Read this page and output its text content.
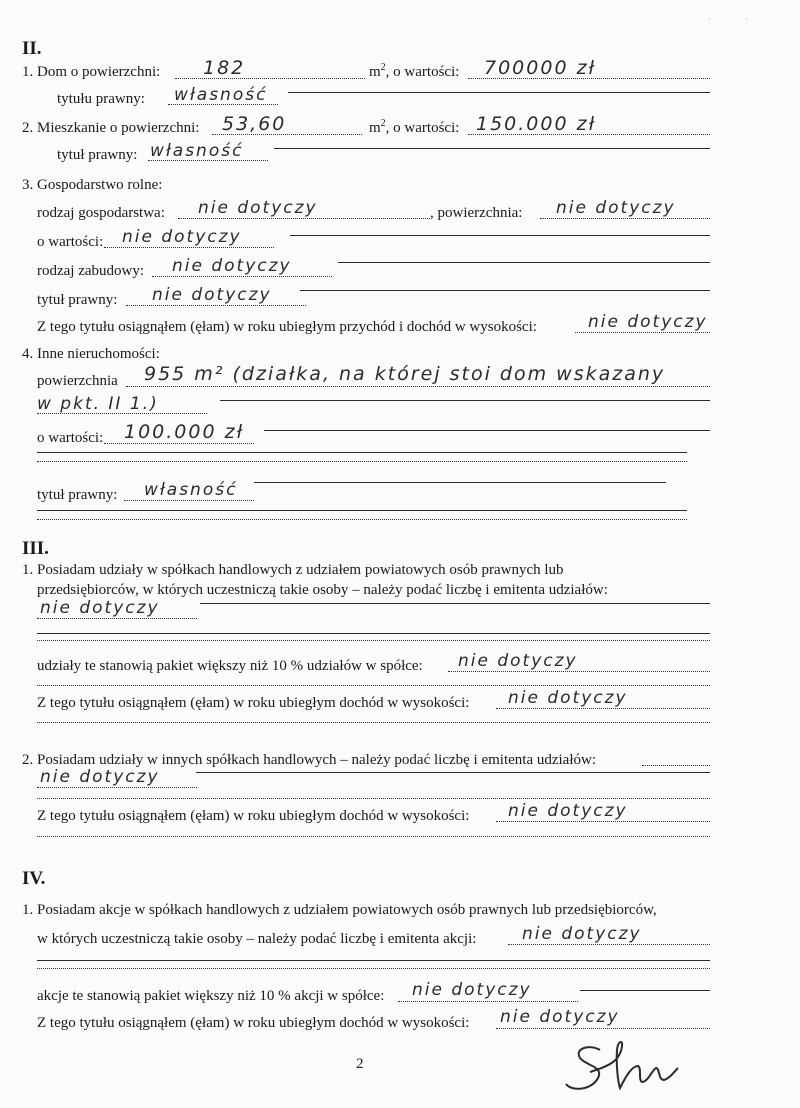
·	·
II.
1. Dom o powierzchni: 182	$m^2$, o wartości: 700000 zł
tytułu prawny: własność
2. Mieszkanie o powierzchni: 53,60	$m^2$, o wartości: 150.000 zł
tytuł prawny: własność
3. Gospodarstwo rolne:
rodzaj gospodarstwa: nie dotyczy	, powierzchnia: nie dotyczy
o wartości: nie dotyczy
rodzaj zabudowy: nie dotyczy
tytuł prawny: nie dotyczy
Z tego tytułu osiągnąłem (ęłam) w roku ubiegłym przychód i dochód w wysokości:	nie dotyczy
4. Inne nieruchomości:
powierzchnia 955 m² (działka, na której stoi dom wskazany
w pkt. II 1.)
o wartości: 100.000 zł
tytuł prawny: własność
III.
1. Posiadam udziały w spółkach handlowych z udziałem powiatowych osób prawnych lub
przedsiębiorców, w których uczestniczą takie osoby – należy podać liczbę i emitenta udziałów:
nie dotyczy
udziały te stanowią pakiet większy niż 10 % udziałów w spółce: nie dotyczy
Z tego tytułu osiągnąłem (ęłam) w roku ubiegłym dochód w wysokości: nie dotyczy
2. Posiadam udziały w innych spółkach handlowych – należy podać liczbę i emitenta udziałów:
nie dotyczy
Z tego tytułu osiągnąłem (ęłam) w roku ubiegłym dochód w wysokości: nie dotyczy
IV.
1. Posiadam akcje w spółkach handlowych z udziałem powiatowych osób prawnych lub przedsiębiorców,
w których uczestniczą takie osoby – należy podać liczbę i emitenta akcji:	nie dotyczy
akcje te stanowią pakiet większy niż 10 % akcji w spółce: nie dotyczy
Z tego tytułu osiągnąłem (ęłam) w roku ubiegłym dochód w wysokości: nie dotyczy
2
